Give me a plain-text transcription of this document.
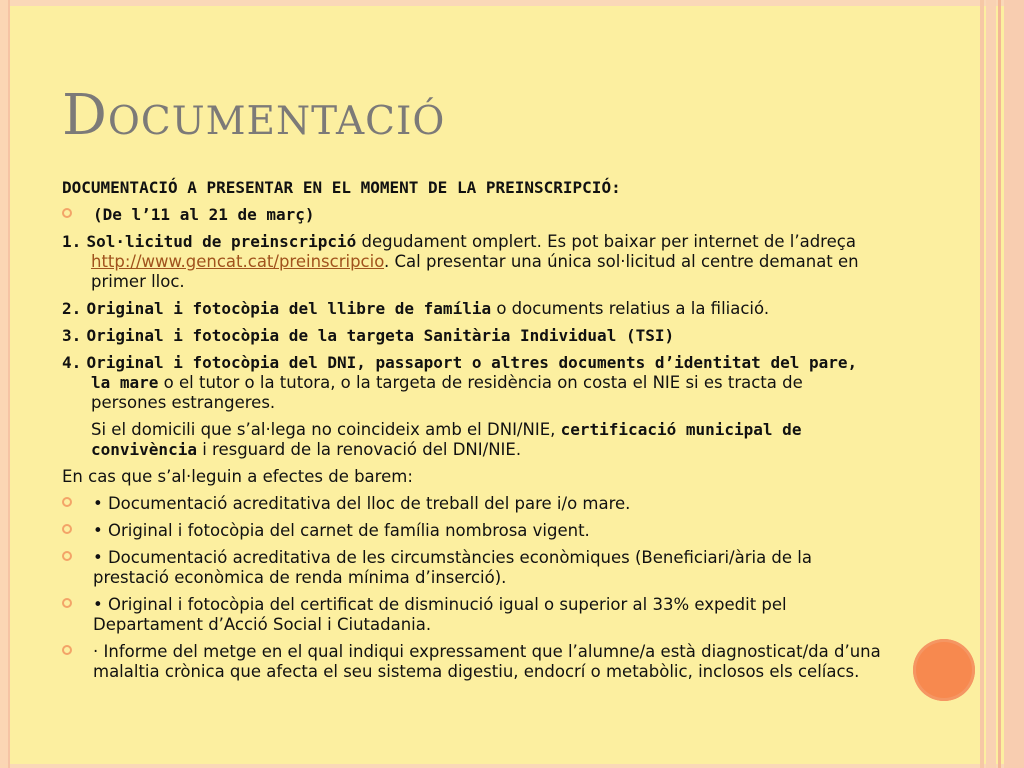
Documentació

DOCUMENTACIÓ A PRESENTAR EN EL MOMENT DE LA PREINSCRIPCIÓ:

(De l’11 al 21 de març)

1. Sol·licitud de preinscripció degudament omplert. Es pot baixar per internet de l’adreça http://www.gencat.cat/preinscripcio. Cal presentar una única sol·licitud al centre demanat en primer lloc.

2. Original i fotocòpia del llibre de família o documents relatius a la filiació.

3. Original i fotocòpia de la targeta Sanitària Individual (TSI)

4. Original i fotocòpia del DNI, passaport o altres documents d’identitat del pare, la mare o el tutor o la tutora, o la targeta de residència on costa el NIE si es tracta de persones estrangeres.

Si el domicili que s’al·lega no coincideix amb el DNI/NIE, certificació municipal de convivència i resguard de la renovació del DNI/NIE.

En cas que s’al·leguin a efectes de barem:

• Documentació acreditativa del lloc de treball del pare i/o mare.

• Original i fotocòpia del carnet de família nombrosa vigent.

• Documentació acreditativa de les circumstàncies econòmiques (Beneficiari/ària de la prestació econòmica de renda mínima d’inserció).

• Original i fotocòpia del certificat de disminució igual o superior al 33% expedit pel Departament d’Acció Social i Ciutadania.

· Informe del metge en el qual indiqui expressament que l’alumne/a està diagnosticat/da d’una malaltia crònica que afecta el seu sistema digestiu, endocrí o metabòlic, inclosos els celíacs.
